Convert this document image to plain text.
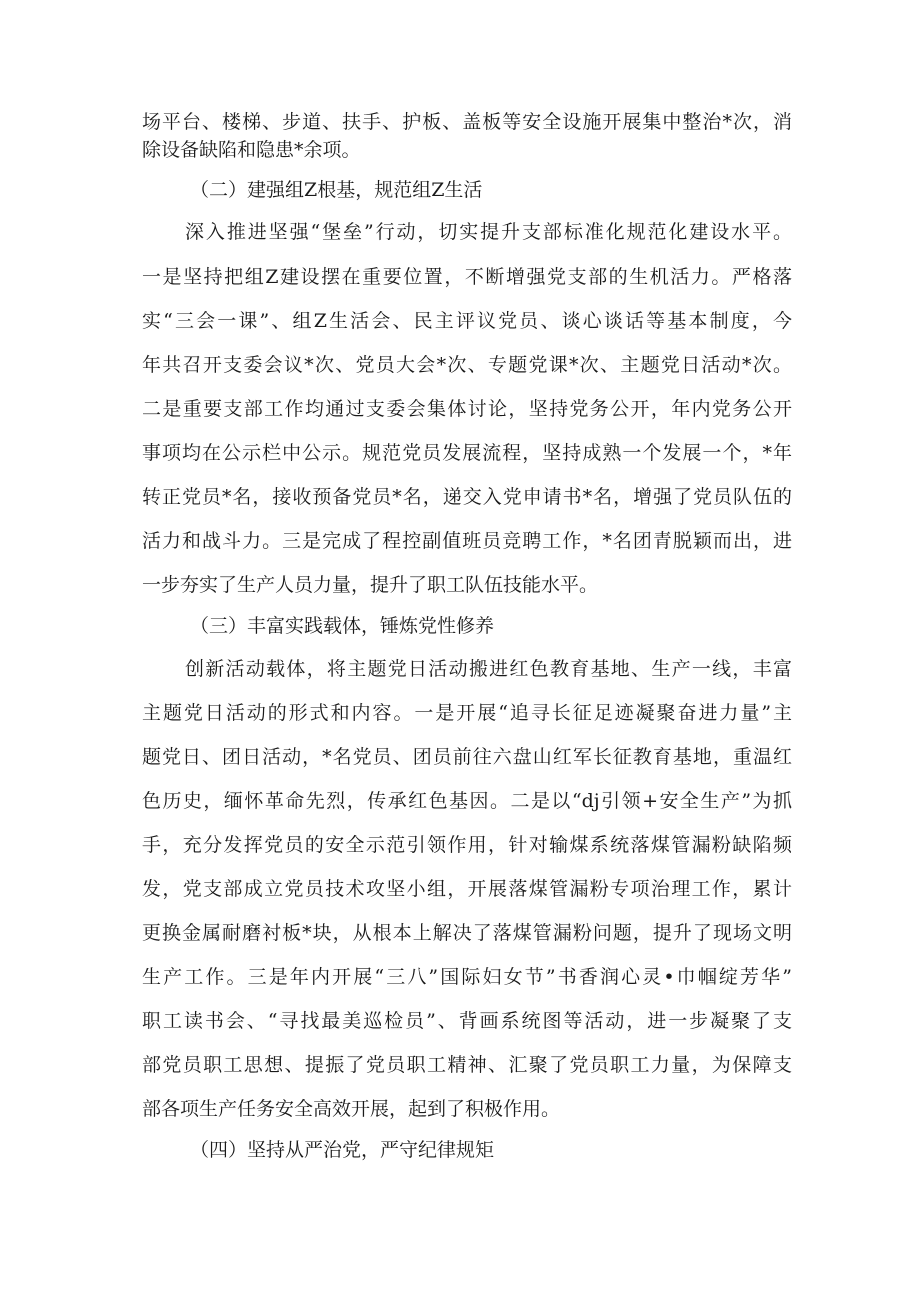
场平台、楼梯、步道、扶手、护板、盖板等安全设施开展集中整治*次，消
除设备缺陷和隐患*余项。
（二）建强组Z根基，规范组Z生活
深入推进坚强“堡垒”行动，切实提升支部标准化规范化建设水平。
一是坚持把组Z建设摆在重要位置，不断增强党支部的生机活力。严格落
实“三会一课”、组Z生活会、民主评议党员、谈心谈话等基本制度，今
年共召开支委会议*次、党员大会*次、专题党课*次、主题党日活动*次。
二是重要支部工作均通过支委会集体讨论，坚持党务公开，年内党务公开
事项均在公示栏中公示。规范党员发展流程，坚持成熟一个发展一个，*年
转正党员*名，接收预备党员*名，递交入党申请书*名，增强了党员队伍的
活力和战斗力。三是完成了程控副值班员竞聘工作，*名团青脱颖而出，进
一步夯实了生产人员力量，提升了职工队伍技能水平。
（三）丰富实践载体，锤炼党性修养
创新活动载体，将主题党日活动搬进红色教育基地、生产一线，丰富
主题党日活动的形式和内容。一是开展“追寻长征足迹凝聚奋进力量”主
题党日、团日活动，*名党员、团员前往六盘山红军长征教育基地，重温红
色历史，缅怀革命先烈，传承红色基因。二是以“dj引领+安全生产”为抓
手，充分发挥党员的安全示范引领作用，针对输煤系统落煤管漏粉缺陷频
发，党支部成立党员技术攻坚小组，开展落煤管漏粉专项治理工作，累计
更换金属耐磨衬板*块，从根本上解决了落煤管漏粉问题，提升了现场文明
生产工作。三是年内开展“三八”国际妇女节”书香润心灵•巾帼绽芳华”
职工读书会、“寻找最美巡检员”、背画系统图等活动，进一步凝聚了支
部党员职工思想、提振了党员职工精神、汇聚了党员职工力量，为保障支
部各项生产任务安全高效开展，起到了积极作用。
（四）坚持从严治党，严守纪律规矩
